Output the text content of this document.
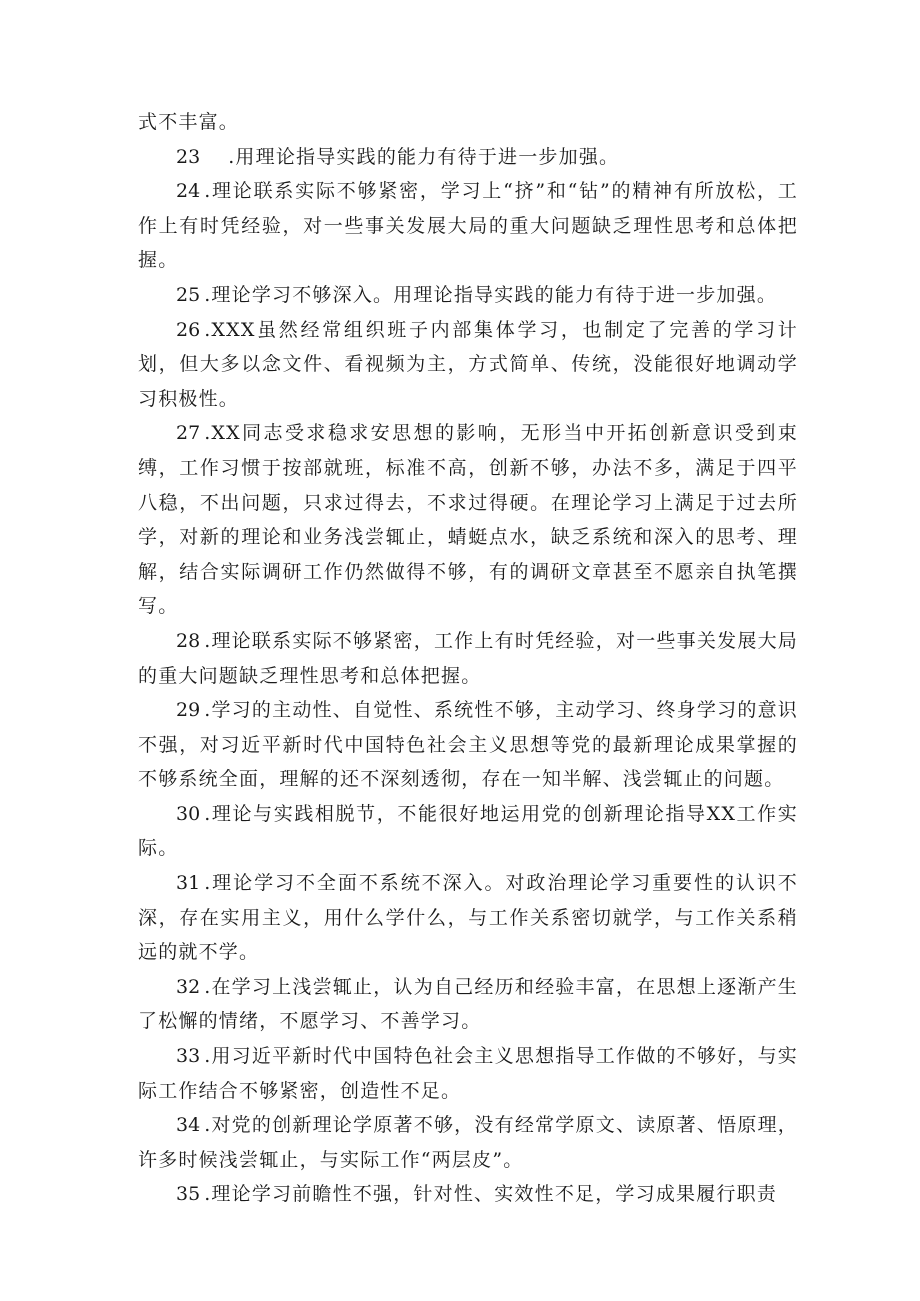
式不丰富。

23 .用理论指导实践的能力有待于进一步加强。

24 .理论联系实际不够紧密，学习上“挤”和“钻”的精神有所放松，工作上有时凭经验，对一些事关发展大局的重大问题缺乏理性思考和总体把握。

25 .理论学习不够深入。用理论指导实践的能力有待于进一步加强。

26 .XXX虽然经常组织班子内部集体学习，也制定了完善的学习计划，但大多以念文件、看视频为主，方式简单、传统，没能很好地调动学习积极性。

27 .XX同志受求稳求安思想的影响，无形当中开拓创新意识受到束缚，工作习惯于按部就班，标准不高，创新不够，办法不多，满足于四平八稳，不出问题，只求过得去，不求过得硬。在理论学习上满足于过去所学，对新的理论和业务浅尝辄止，蜻蜓点水，缺乏系统和深入的思考、理解，结合实际调研工作仍然做得不够，有的调研文章甚至不愿亲自执笔撰写。

28 .理论联系实际不够紧密，工作上有时凭经验，对一些事关发展大局的重大问题缺乏理性思考和总体把握。

29 .学习的主动性、自觉性、系统性不够，主动学习、终身学习的意识不强，对习近平新时代中国特色社会主义思想等党的最新理论成果掌握的不够系统全面，理解的还不深刻透彻，存在一知半解、浅尝辄止的问题。

30 .理论与实践相脱节，不能很好地运用党的创新理论指导XX工作实际。

31 .理论学习不全面不系统不深入。对政治理论学习重要性的认识不深，存在实用主义，用什么学什么，与工作关系密切就学，与工作关系稍远的就不学。

32 .在学习上浅尝辄止，认为自己经历和经验丰富，在思想上逐渐产生了松懈的情绪，不愿学习、不善学习。

33 .用习近平新时代中国特色社会主义思想指导工作做的不够好，与实际工作结合不够紧密，创造性不足。

34 .对党的创新理论学原著不够，没有经常学原文、读原著、悟原理，许多时候浅尝辄止，与实际工作“两层皮”。

35 .理论学习前瞻性不强，针对性、实效性不足，学习成果履行职责
